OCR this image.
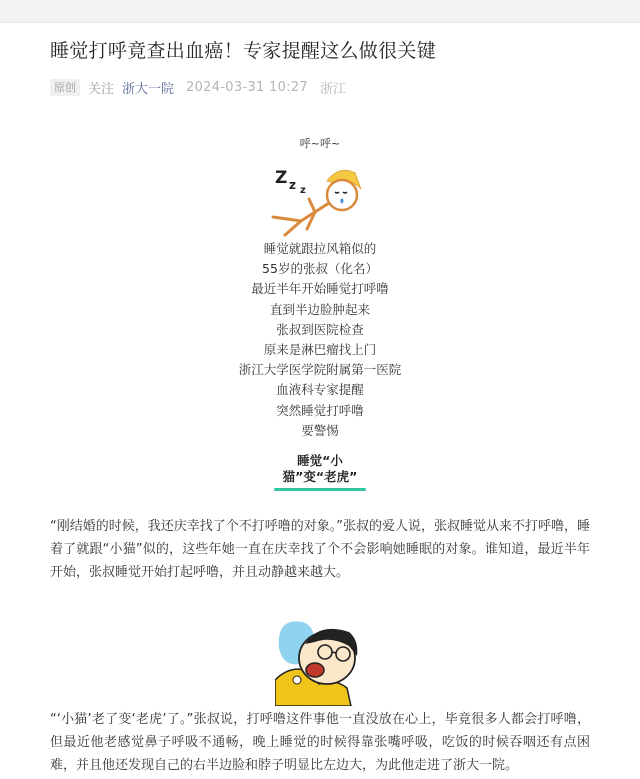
睡觉打呼竟查出血癌！专家提醒这么做很关键
原创 关注 浙大一院 2024-03-31 10:27 浙江
呼~呼~
Z z z
睡觉就跟拉风箱似的
55岁的张叔（化名）
最近半年开始睡觉打呼噜
直到半边脸肿起来
张叔到医院检查
原来是淋巴瘤找上门
浙江大学医学院附属第一医院
血液科专家提醒
突然睡觉打呼噜
要警惕
睡觉“小猫”变“老虎”

“刚结婚的时候，我还庆幸找了个不打呼噜的对象。”张叔的爱人说，张叔睡觉从来不打呼噜，睡着了就跟“小猫”似的，这些年她一直在庆幸找了个不会影响她睡眠的对象。谁知道，最近半年开始，张叔睡觉开始打起呼噜，并且动静越来越大。

“‘小猫’老了变‘老虎’了。”张叔说，打呼噜这件事他一直没放在心上，毕竟很多人都会打呼噜，但最近他老感觉鼻子呼吸不通畅，晚上睡觉的时候得靠张嘴呼吸，吃饭的时候吞咽还有点困难，并且他还发现自己的右半边脸和脖子明显比左边大，为此他走进了浙大一院。
